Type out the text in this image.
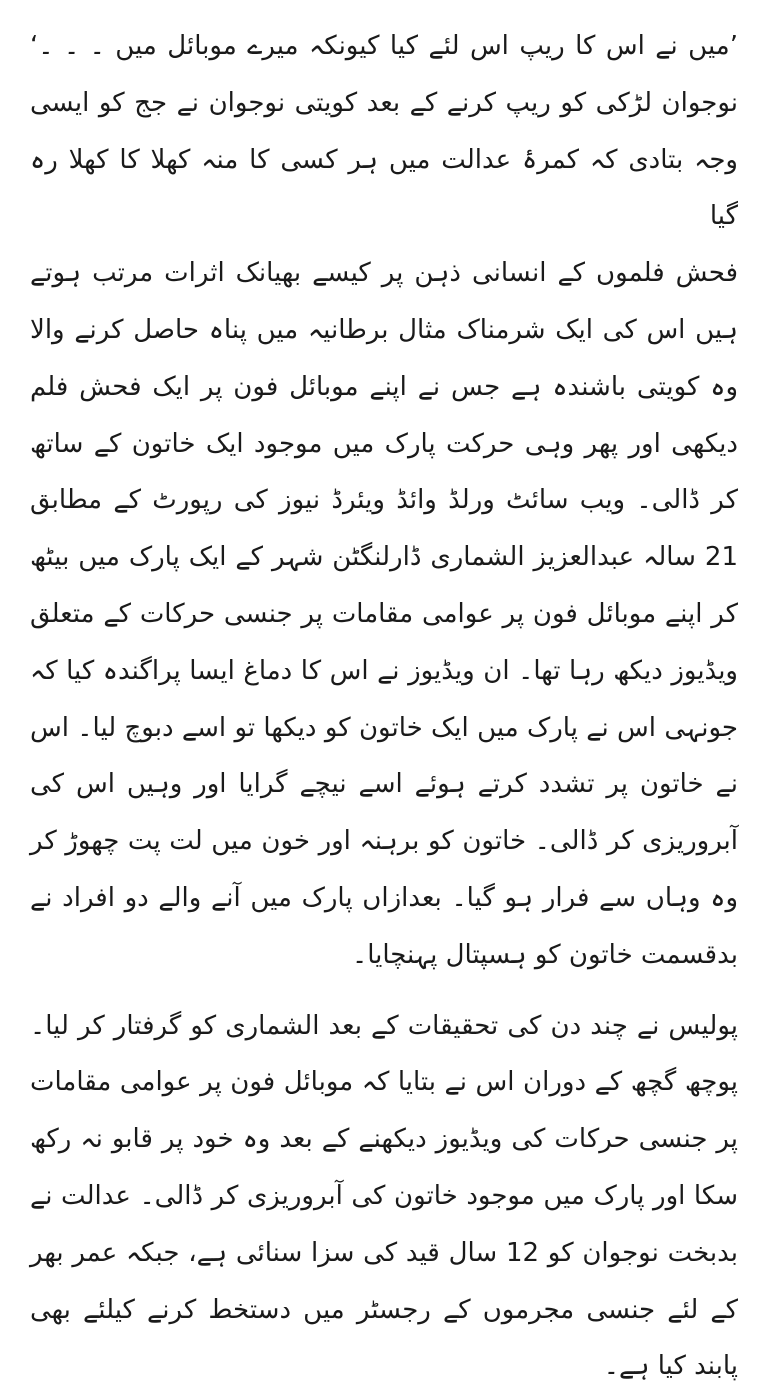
’میں نے اس کا ریپ اس لئے کیا کیونکہ میرے موبائل میں ۔ ۔ ۔‘ نوجوان لڑکی کو ریپ کرنے کے بعد کویتی نوجوان نے جج کو ایسی وجہ بتادی کہ کمرۂ عدالت میں ہر کسی کا منہ کھلا کا کھلا رہ گیا

فحش فلموں کے انسانی ذہن پر کیسے بھیانک اثرات مرتب ہوتے ہیں اس کی ایک شرمناک مثال برطانیہ میں پناہ حاصل کرنے والا وہ کویتی باشندہ ہے جس نے اپنے موبائل فون پر ایک فحش فلم دیکھی اور پھر وہی حرکت پارک میں موجود ایک خاتون کے ساتھ کر ڈالی۔ ویب سائٹ ورلڈ وائڈ ویئرڈ نیوز کی رپورٹ کے مطابق 21 سالہ عبدالعزیز الشماری ڈارلنگٹن شہر کے ایک پارک میں بیٹھ کر اپنے موبائل فون پر عوامی مقامات پر جنسی حرکات کے متعلق ویڈیوز دیکھ رہا تھا۔ ان ویڈیوز نے اس کا دماغ ایسا پراگندہ کیا کہ جونہی اس نے پارک میں ایک خاتون کو دیکھا تو اسے دبوچ لیا۔ اس نے خاتون پر تشدد کرتے ہوئے اسے نیچے گرایا اور وہیں اس کی آبروریزی کر ڈالی۔ خاتون کو برہنہ اور خون میں لت پت چھوڑ کر وہ وہاں سے فرار ہو گیا۔ بعدازاں پارک میں آنے والے دو افراد نے بدقسمت خاتون کو ہسپتال پہنچایا۔

پولیس نے چند دن کی تحقیقات کے بعد الشماری کو گرفتار کر لیا۔ پوچھ گچھ کے دوران اس نے بتایا کہ موبائل فون پر عوامی مقامات پر جنسی حرکات کی ویڈیوز دیکھنے کے بعد وہ خود پر قابو نہ رکھ سکا اور پارک میں موجود خاتون کی آبروریزی کر ڈالی۔ عدالت نے بدبخت نوجوان کو 12 سال قید کی سزا سنائی ہے، جبکہ عمر بھر کے لئے جنسی مجرموں کے رجسٹر میں دستخط کرنے کیلئے بھی پابند کیا ہے۔
